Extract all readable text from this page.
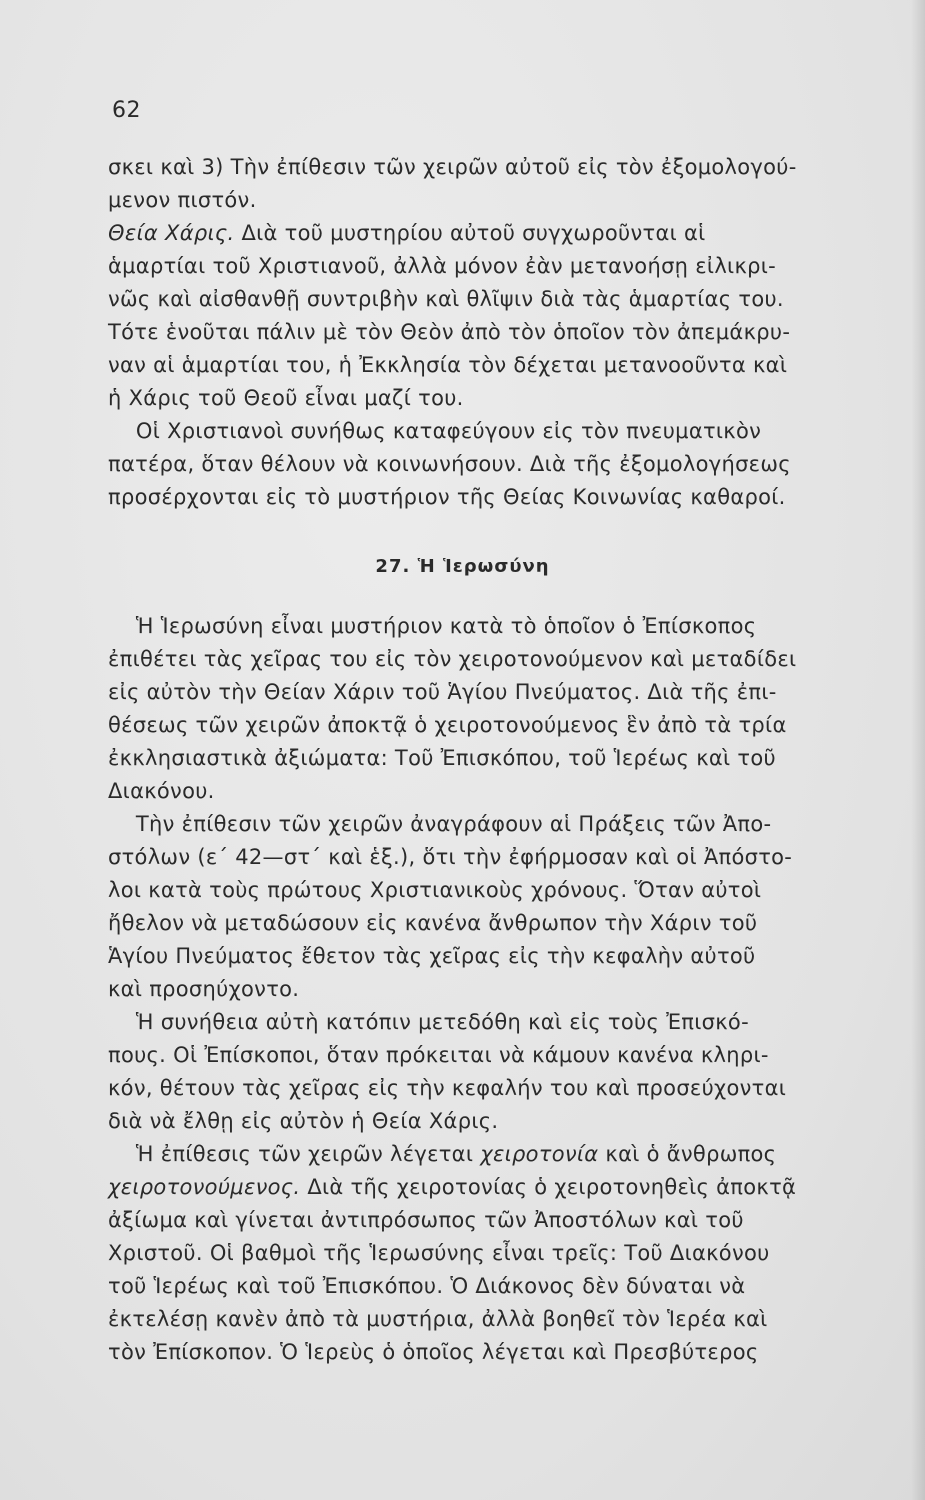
62
σκει καὶ 3) Τὴν ἐπίθεσιν τῶν χειρῶν αὐτοῦ εἰς τὸν ἐξομολογού-
μενον πιστόν.
Θεία Χάρις. Διὰ τοῦ μυστηρίου αὐτοῦ συγχωροῦνται αἱ
ἁμαρτίαι τοῦ Χριστιανοῦ, ἀλλὰ μόνον ἐὰν μετανοήσῃ εἰλικρι-
νῶς καὶ αἰσθανθῇ συντριβὴν καὶ θλῖψιν διὰ τὰς ἁμαρτίας του.
Τότε ἑνοῦται πάλιν μὲ τὸν Θεὸν ἀπὸ τὸν ὁποῖον τὸν ἀπεμάκρυ-
ναν αἱ ἁμαρτίαι του, ἡ Ἐκκλησία τὸν δέχεται μετανοοῦντα καὶ
ἡ Χάρις τοῦ Θεοῦ εἶναι μαζί του.
Οἱ Χριστιανοὶ συνήθως καταφεύγουν εἰς τὸν πνευματικὸν
πατέρα, ὅταν θέλουν νὰ κοινωνήσουν. Διὰ τῆς ἐξομολογήσεως
προσέρχονται εἰς τὸ μυστήριον τῆς Θείας Κοινωνίας καθαροί.
27. Ἡ Ἱερωσύνη
Ἡ Ἱερωσύνη εἶναι μυστήριον κατὰ τὸ ὁποῖον ὁ Ἐπίσκοπος
ἐπιθέτει τὰς χεῖρας του εἰς τὸν χειροτονούμενον καὶ μεταδίδει
εἰς αὐτὸν τὴν Θείαν Χάριν τοῦ Ἁγίου Πνεύματος. Διὰ τῆς ἐπι-
θέσεως τῶν χειρῶν ἀποκτᾷ ὁ χειροτονούμενος ἓν ἀπὸ τὰ τρία
ἐκκλησιαστικὰ ἀξιώματα: Τοῦ Ἐπισκόπου, τοῦ Ἱερέως καὶ τοῦ
Διακόνου.
Τὴν ἐπίθεσιν τῶν χειρῶν ἀναγράφουν αἱ Πράξεις τῶν Ἀπο-
στόλων (ε΄ 42—στ΄ καὶ ἑξ.), ὅτι τὴν ἐφήρμοσαν καὶ οἱ Ἀπόστο-
λοι κατὰ τοὺς πρώτους Χριστιανικοὺς χρόνους. Ὅταν αὐτοὶ
ἤθελον νὰ μεταδώσουν εἰς κανένα ἄνθρωπον τὴν Χάριν τοῦ
Ἁγίου Πνεύματος ἔθετον τὰς χεῖρας εἰς τὴν κεφαλὴν αὐτοῦ
καὶ προσηύχοντο.
Ἡ συνήθεια αὐτὴ κατόπιν μετεδόθη καὶ εἰς τοὺς Ἐπισκό-
πους. Οἱ Ἐπίσκοποι, ὅταν πρόκειται νὰ κάμουν κανένα κληρι-
κόν, θέτουν τὰς χεῖρας εἰς τὴν κεφαλήν του καὶ προσεύχονται
διὰ νὰ ἔλθῃ εἰς αὐτὸν ἡ Θεία Χάρις.
Ἡ ἐπίθεσις τῶν χειρῶν λέγεται χειροτονία καὶ ὁ ἄνθρωπος
χειροτονούμενος. Διὰ τῆς χειροτονίας ὁ χειροτονηθεὶς ἀποκτᾷ
ἀξίωμα καὶ γίνεται ἀντιπρόσωπος τῶν Ἀποστόλων καὶ τοῦ
Χριστοῦ. Οἱ βαθμοὶ τῆς Ἱερωσύνης εἶναι τρεῖς: Τοῦ Διακόνου
τοῦ Ἱερέως καὶ τοῦ Ἐπισκόπου. Ὁ Διάκονος δὲν δύναται νὰ
ἐκτελέσῃ κανὲν ἀπὸ τὰ μυστήρια, ἀλλὰ βοηθεῖ τὸν Ἱερέα καὶ
τὸν Ἐπίσκοπον. Ὁ Ἱερεὺς ὁ ὁποῖος λέγεται καὶ Πρεσβύτερος
